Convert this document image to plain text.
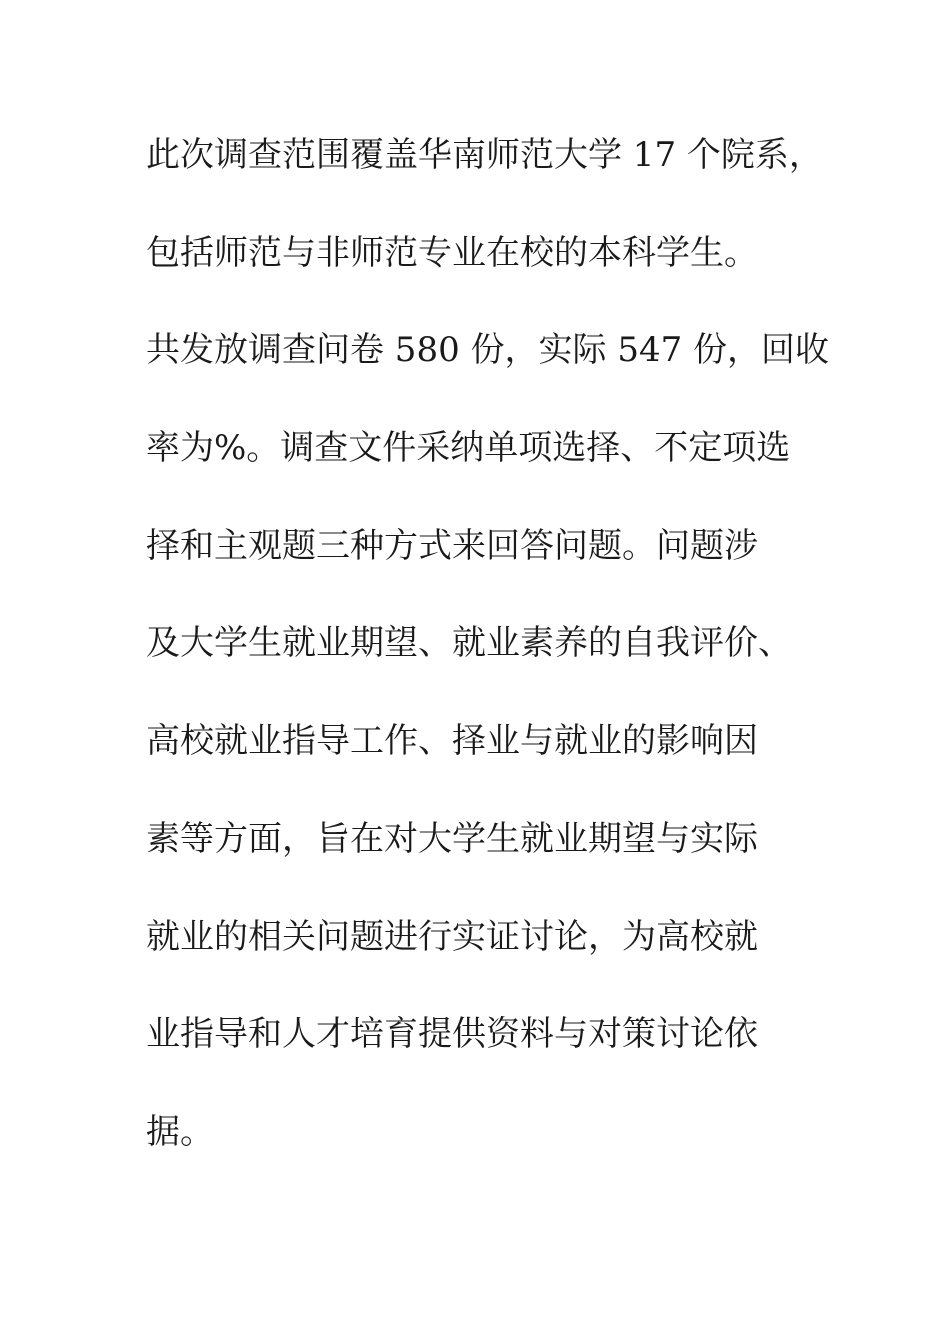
此次调查范围覆盖华南师范大学 17 个院系，
包括师范与非师范专业在校的本科学生。
共发放调查问卷 580 份，实际 547 份，回收
率为%。调查文件采纳单项选择、不定项选
择和主观题三种方式来回答问题。问题涉
及大学生就业期望、就业素养的自我评价、
高校就业指导工作、择业与就业的影响因
素等方面，旨在对大学生就业期望与实际
就业的相关问题进行实证讨论，为高校就
业指导和人才培育提供资料与对策讨论依
据。
